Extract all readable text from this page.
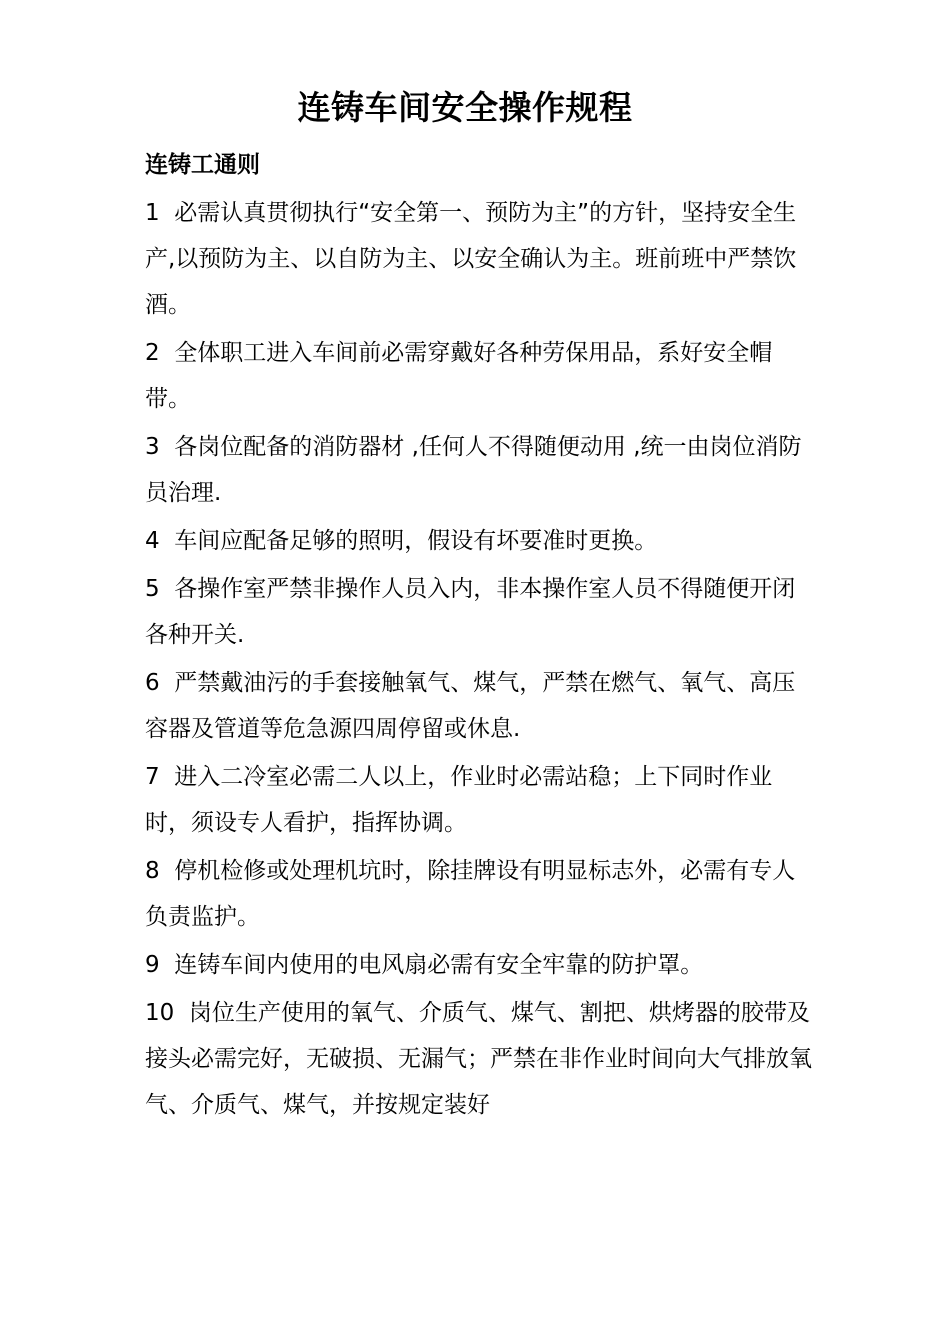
连铸车间安全操作规程
连铸工通则

1 必需认真贯彻执行“安全第一、预防为主”的方针，坚持安全生产,以预防为主、以自防为主、以安全确认为主。班前班中严禁饮酒。

2 全体职工进入车间前必需穿戴好各种劳保用品，系好安全帽带。

3 各岗位配备的消防器材 ,任何人不得随便动用 ,统一由岗位消防员治理.

4 车间应配备足够的照明，假设有坏要准时更换。

5 各操作室严禁非操作人员入内，非本操作室人员不得随便开闭各种开关.

6 严禁戴油污的手套接触氧气、煤气，严禁在燃气、氧气、高压容器及管道等危急源四周停留或休息.

7 进入二冷室必需二人以上，作业时必需站稳；上下同时作业时，须设专人看护，指挥协调。

8 停机检修或处理机坑时，除挂牌设有明显标志外，必需有专人负责监护。

9 连铸车间内使用的电风扇必需有安全牢靠的防护罩。

10 岗位生产使用的氧气、介质气、煤气、割把、烘烤器的胶带及接头必需完好，无破损、无漏气；严禁在非作业时间向大气排放氧气、介质气、煤气，并按规定装好
